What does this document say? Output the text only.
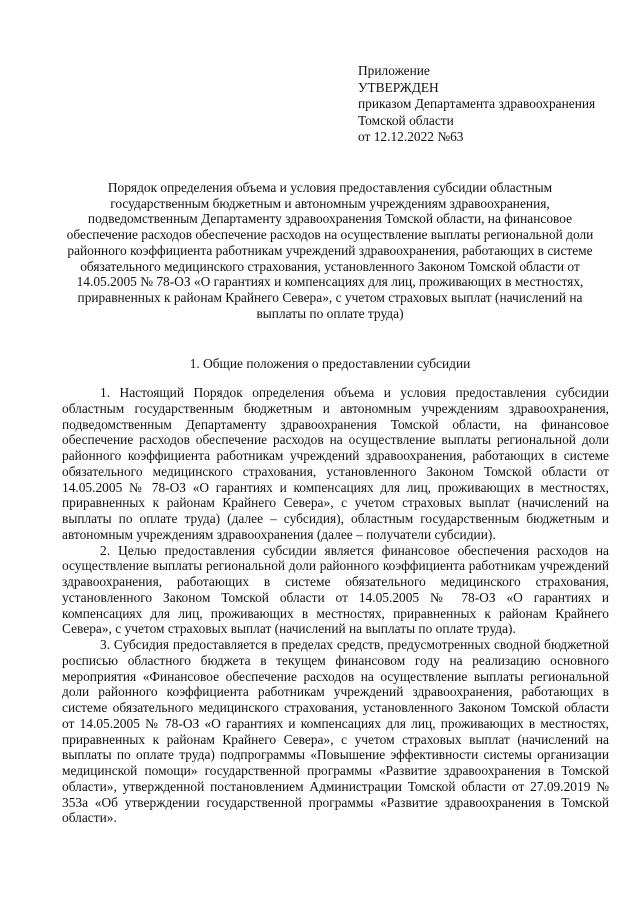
Приложение
УТВЕРЖДЕН
приказом Департамента здравоохранения
Томской области
от 12.12.2022 №63
Порядок определения объема и условия предоставления субсидии областным государственным бюджетным и автономным учреждениям здравоохранения, подведомственным Департаменту здравоохранения Томской области, на финансовое обеспечение расходов обеспечение расходов на осуществление выплаты региональной доли районного коэффициента работникам учреждений здравоохранения, работающих в системе обязательного медицинского страхования, установленного Законом Томской области от 14.05.2005 № 78-ОЗ «О гарантиях и компенсациях для лиц, проживающих в местностях, приравненных к районам Крайнего Севера», с учетом страховых выплат (начислений на выплаты по оплате труда)
1. Общие положения о предоставлении субсидии

1. Настоящий Порядок определения объема и условия предоставления субсидии областным государственным бюджетным и автономным учреждениям здравоохранения, подведомственным Департаменту здравоохранения Томской области, на финансовое обеспечение расходов обеспечение расходов на осуществление выплаты региональной доли районного коэффициента работникам учреждений здравоохранения, работающих в системе обязательного медицинского страхования, установленного Законом Томской области от 14.05.2005 № 78-ОЗ «О гарантиях и компенсациях для лиц, проживающих в местностях, приравненных к районам Крайнего Севера», с учетом страховых выплат (начислений на выплаты по оплате труда) (далее – субсидия), областным государственным бюджетным и автономным учреждениям здравоохранения (далее – получатели субсидии).

2. Целью предоставления субсидии является финансовое обеспечения расходов на осуществление выплаты региональной доли районного коэффициента работникам учреждений здравоохранения, работающих в системе обязательного медицинского страхования, установленного Законом Томской области от 14.05.2005 № 78-ОЗ «О гарантиях и компенсациях для лиц, проживающих в местностях, приравненных к районам Крайнего Севера», с учетом страховых выплат (начислений на выплаты по оплате труда).

3. Субсидия предоставляется в пределах средств, предусмотренных сводной бюджетной росписью областного бюджета в текущем финансовом году на реализацию основного мероприятия «Финансовое обеспечение расходов на осуществление выплаты региональной доли районного коэффициента работникам учреждений здравоохранения, работающих в системе обязательного медицинского страхования, установленного Законом Томской области от 14.05.2005 № 78-ОЗ «О гарантиях и компенсациях для лиц, проживающих в местностях, приравненных к районам Крайнего Севера», с учетом страховых выплат (начислений на выплаты по оплате труда) подпрограммы «Повышение эффективности системы организации медицинской помощи» государственной программы «Развитие здравоохранения в Томской области», утвержденной постановлением Администрации Томской области от 27.09.2019 № 353а «Об утверждении государственной программы «Развитие здравоохранения в Томской области».
